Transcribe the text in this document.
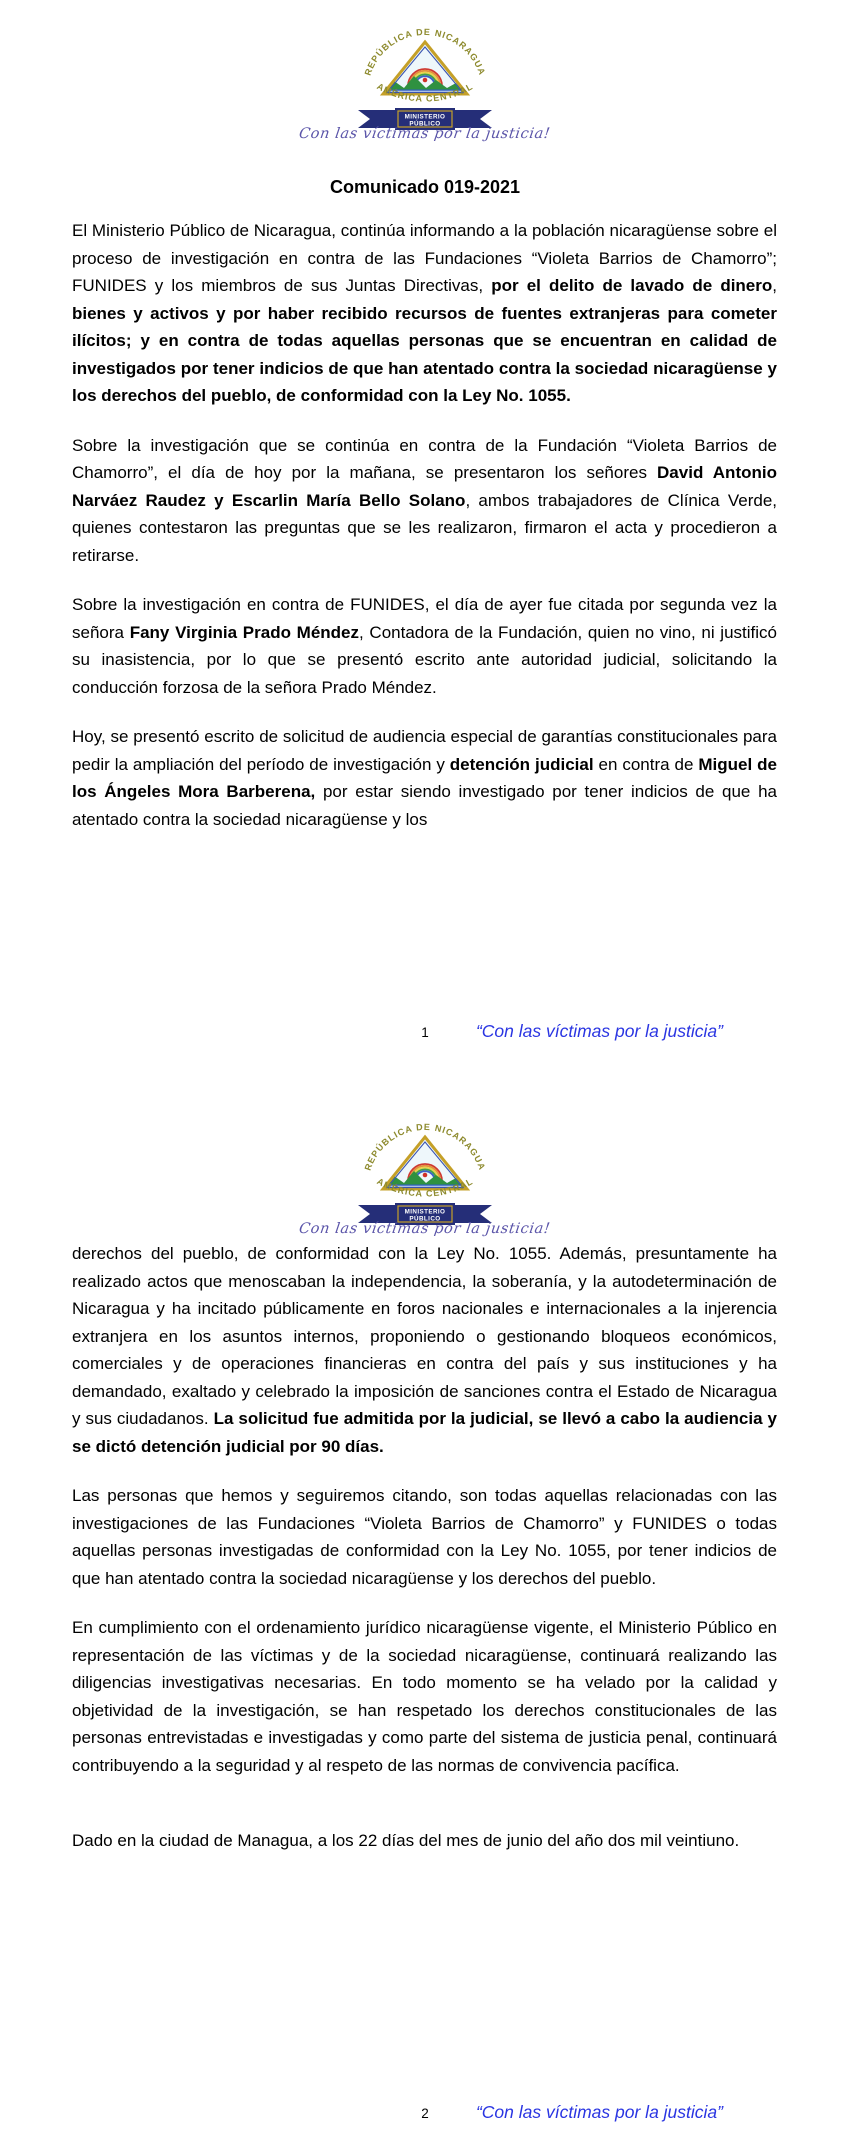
REPÚBLICA DE NICARAGUA
AMÉRICA CENTRAL
MINISTERIO
PÚBLICO
Con las víctimas por la justicia!
Comunicado 019-2021

El Ministerio Público de Nicaragua, continúa informando a la población nicaragüense sobre el proceso de investigación en contra de las Fundaciones “Violeta Barrios de Chamorro”; FUNIDES y los miembros de sus Juntas Directivas, por el delito de lavado de dinero, bienes y activos y por haber recibido recursos de fuentes extranjeras para cometer ilícitos; y en contra de todas aquellas personas que se encuentran en calidad de investigados por tener indicios de que han atentado contra la sociedad nicaragüense y los derechos del pueblo, de conformidad con la Ley No. 1055.

Sobre la investigación que se continúa en contra de la Fundación “Violeta Barrios de Chamorro”, el día de hoy por la mañana, se presentaron los señores David Antonio Narváez Raudez y Escarlin María Bello Solano, ambos trabajadores de Clínica Verde, quienes contestaron las preguntas que se les realizaron, firmaron el acta y procedieron a retirarse.

Sobre la investigación en contra de FUNIDES, el día de ayer fue citada por segunda vez la señora Fany Virginia Prado Méndez, Contadora de la Fundación, quien no vino, ni justificó su inasistencia, por lo que se presentó escrito ante autoridad judicial, solicitando la conducción forzosa de la señora Prado Méndez.

Hoy, se presentó escrito de solicitud de audiencia especial de garantías constitucionales para pedir la ampliación del período de investigación y detención judicial en contra de Miguel de los Ángeles Mora Barberena, por estar siendo investigado por tener indicios de que ha atentado contra la sociedad nicaragüense y los

1	“Con las víctimas por la justicia”
REPÚBLICA DE NICARAGUA
AMÉRICA CENTRAL
MINISTERIO
PÚBLICO
Con las víctimas por la justicia!

derechos del pueblo, de conformidad con la Ley No. 1055. Además, presuntamente ha realizado actos que menoscaban la independencia, la soberanía, y la autodeterminación de Nicaragua y ha incitado públicamente en foros nacionales e internacionales a la injerencia extranjera en los asuntos internos, proponiendo o gestionando bloqueos económicos, comerciales y de operaciones financieras en contra del país y sus instituciones y ha demandado, exaltado y celebrado la imposición de sanciones contra el Estado de Nicaragua y sus ciudadanos. La solicitud fue admitida por la judicial, se llevó a cabo la audiencia y se dictó detención judicial por 90 días.

Las personas que hemos y seguiremos citando, son todas aquellas relacionadas con las investigaciones de las Fundaciones “Violeta Barrios de Chamorro” y FUNIDES o todas aquellas personas investigadas de conformidad con la Ley No. 1055, por tener indicios de que han atentado contra la sociedad nicaragüense y los derechos del pueblo.

En cumplimiento con el ordenamiento jurídico nicaragüense vigente, el Ministerio Público en representación de las víctimas y de la sociedad nicaragüense, continuará realizando las diligencias investigativas necesarias. En todo momento se ha velado por la calidad y objetividad de la investigación, se han respetado los derechos constitucionales de las personas entrevistadas e investigadas y como parte del sistema de justicia penal, continuará contribuyendo a la seguridad y al respeto de las normas de convivencia pacífica.

Dado en la ciudad de Managua, a los 22 días del mes de junio del año dos mil veintiuno.

2	“Con las víctimas por la justicia”
